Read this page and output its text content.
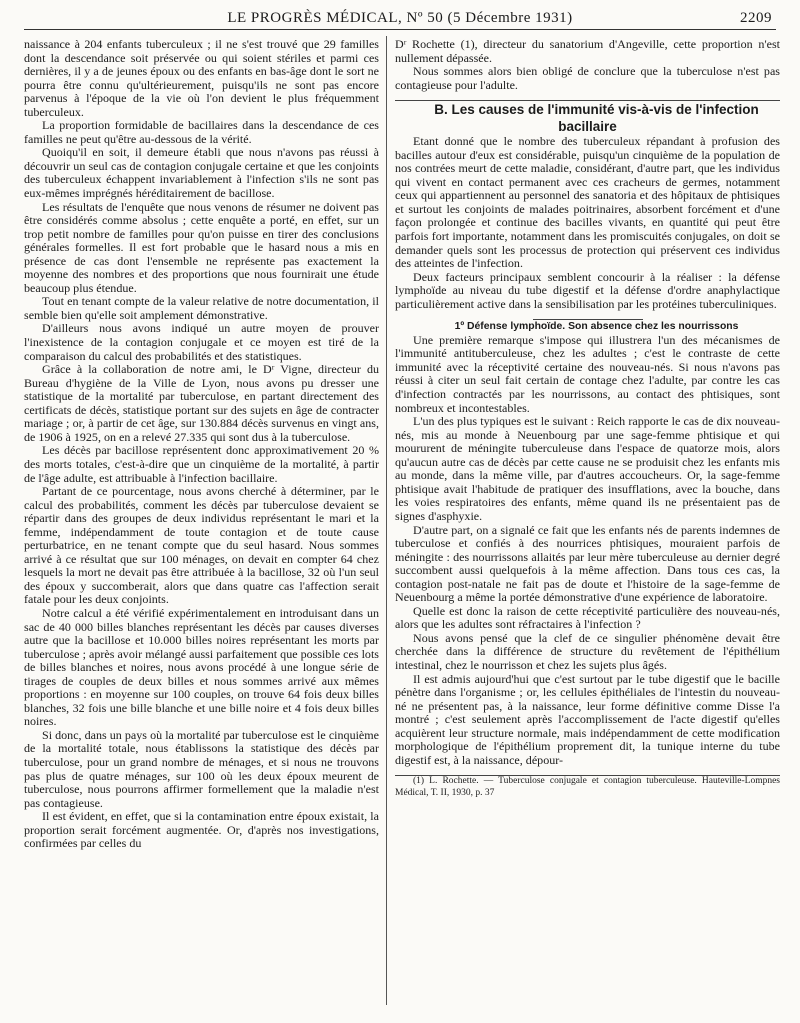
LE PROGRÈS MÉDICAL, Nº 50 (5 Décembre 1931)	2209

naissance à 204 enfants tuberculeux ; il ne s'est trouvé que 29 familles dont la descendance soit préservée ou qui soient stériles et parmi ces dernières, il y a de jeunes époux ou des enfants en bas-âge dont le sort ne pourra être connu qu'ultérieurement, puisqu'ils ne sont pas encore parvenus à l'époque de la vie où l'on devient le plus fréquemment tuberculeux.

La proportion formidable de bacillaires dans la descendance de ces familles ne peut qu'être au-dessous de la vérité.

Quoiqu'il en soit, il demeure établi que nous n'avons pas réussi à découvrir un seul cas de contagion conjugale certaine et que les conjoints des tuberculeux échappent invariablement à l'infection s'ils ne sont pas eux-mêmes imprégnés héréditairement de bacillose.

Les résultats de l'enquête que nous venons de résumer ne doivent pas être considérés comme absolus ; cette enquête a porté, en effet, sur un trop petit nombre de familles pour qu'on puisse en tirer des conclusions générales formelles. Il est fort probable que le hasard nous a mis en présence de cas dont l'ensemble ne représente pas exactement la moyenne des nombres et des proportions que nous fournirait une étude beaucoup plus étendue.

Tout en tenant compte de la valeur relative de notre documentation, il semble bien qu'elle soit amplement démonstrative.

D'ailleurs nous avons indiqué un autre moyen de prouver l'inexistence de la contagion conjugale et ce moyen est tiré de la comparaison du calcul des probabilités et des statistiques.

Grâce à la collaboration de notre ami, le Dʳ Vigne, directeur du Bureau d'hygiène de la Ville de Lyon, nous avons pu dresser une statistique de la mortalité par tuberculose, en partant directement des certificats de décès, statistique portant sur des sujets en âge de contracter mariage ; or, à partir de cet âge, sur 130.884 décès survenus en vingt ans, de 1906 à 1925, on en a relevé 27.335 qui sont dus à la tuberculose.

Les décès par bacillose représentent donc approximativement 20 % des morts totales, c'est-à-dire que un cinquième de la mortalité, à partir de l'âge adulte, est attribuable à l'infection bacillaire.

Partant de ce pourcentage, nous avons cherché à déterminer, par le calcul des probabilités, comment les décès par tuberculose devaient se répartir dans des groupes de deux individus représentant le mari et la femme, indépendamment de toute contagion et de toute cause perturbatrice, en ne tenant compte que du seul hasard. Nous sommes arrivé à ce résultat que sur 100 ménages, on devait en compter 64 chez lesquels la mort ne devait pas être attribuée à la bacillose, 32 où l'un seul des époux y succomberait, alors que dans quatre cas l'affection serait fatale pour les deux conjoints.

Notre calcul a été vérifié expérimentalement en introduisant dans un sac de 40 000 billes blanches représentant les décès par causes diverses autre que la bacillose et 10.000 billes noires représentant les morts par tuberculose ; après avoir mélangé aussi parfaitement que possible ces lots de billes blanches et noires, nous avons procédé à une longue série de tirages de couples de deux billes et nous sommes arrivé aux mêmes proportions : en moyenne sur 100 couples, on trouve 64 fois deux billes blanches, 32 fois une bille blanche et une bille noire et 4 fois deux billes noires.

Si donc, dans un pays où la mortalité par tuberculose est le cinquième de la mortalité totale, nous établissons la statistique des décès par tuberculose, pour un grand nombre de ménages, et si nous ne trouvons pas plus de quatre ménages, sur 100 où les deux époux meurent de tuberculose, nous pourrons affirmer formellement que la maladie n'est pas contagieuse.

Il est évident, en effet, que si la contamination entre époux existait, la proportion serait forcément augmentée. Or, d'après nos investigations, confirmées par celles du

Dʳ Rochette (1), directeur du sanatorium d'Angeville, cette proportion n'est nullement dépassée.

Nous sommes alors bien obligé de conclure que la tuberculose n'est pas contagieuse pour l'adulte.

B. Les causes de l'immunité vis-à-vis de l'infection bacillaire

Etant donné que le nombre des tuberculeux répandant à profusion des bacilles autour d'eux est considérable, puisqu'un cinquième de la population de nos contrées meurt de cette maladie, considérant, d'autre part, que les individus qui vivent en contact permanent avec ces cracheurs de germes, notamment ceux qui appartiennent au personnel des sanatoria et des hôpitaux de phtisiques et surtout les conjoints de malades poitrinaires, absorbent forcément et d'une façon prolongée et continue des bacilles vivants, en quantité qui peut être parfois fort importante, notamment dans les promiscuités conjugales, on doit se demander quels sont les processus de protection qui préservent ces individus des atteintes de l'infection.

Deux facteurs principaux semblent concourir à la réaliser : la défense lymphoïde au niveau du tube digestif et la défense d'ordre anaphylactique particulièrement active dans la sensibilisation par les protéines tuberculiniques.

1º Défense lymphoïde. Son absence chez les nourrissons

Une première remarque s'impose qui illustrera l'un des mécanismes de l'immunité antituberculeuse, chez les adultes ; c'est le contraste de cette immunité avec la réceptivité certaine des nouveau-nés. Si nous n'avons pas réussi à citer un seul fait certain de contage chez l'adulte, par contre les cas d'infection contractés par les nourrissons, au contact des phtisiques, sont nombreux et incontestables.

L'un des plus typiques est le suivant : Reich rapporte le cas de dix nouveau-nés, mis au monde à Neuenbourg par une sage-femme phtisique et qui moururent de méningite tuberculeuse dans l'espace de quatorze mois, alors qu'aucun autre cas de décès par cette cause ne se produisit chez les enfants mis au monde, dans la même ville, par d'autres accoucheurs. Or, la sage-femme phtisique avait l'habitude de pratiquer des insufflations, avec la bouche, dans les voies respiratoires des enfants, même quand ils ne présentaient pas de signes d'asphyxie.

D'autre part, on a signalé ce fait que les enfants nés de parents indemnes de tuberculose et confiés à des nourrices phtisiques, mouraient parfois de méningite : des nourrissons allaités par leur mère tuberculeuse au dernier degré succombent aussi quelquefois à la même affection. Dans tous ces cas, la contagion post-natale ne fait pas de doute et l'histoire de la sage-femme de Neuenbourg a même la portée démonstrative d'une expérience de laboratoire.

Quelle est donc la raison de cette réceptivité particulière des nouveau-nés, alors que les adultes sont réfractaires à l'infection ?

Nous avons pensé que la clef de ce singulier phénomène devait être cherchée dans la différence de structure du revêtement de l'épithélium intestinal, chez le nourrisson et chez les sujets plus âgés.

Il est admis aujourd'hui que c'est surtout par le tube digestif que le bacille pénètre dans l'organisme ; or, les cellules épithéliales de l'intestin du nouveau-né ne présentent pas, à la naissance, leur forme définitive comme Disse l'a montré ; c'est seulement après l'accomplissement de l'acte digestif qu'elles acquièrent leur structure normale, mais indépendamment de cette modification morphologique de l'épithélium proprement dit, la tunique interne du tube digestif est, à la naissance, dépour-

(1) L. Rochette. — Tuberculose conjugale et contagion tuberculeuse. Hauteville-Lompnes Médical, T. II, 1930, p. 37
